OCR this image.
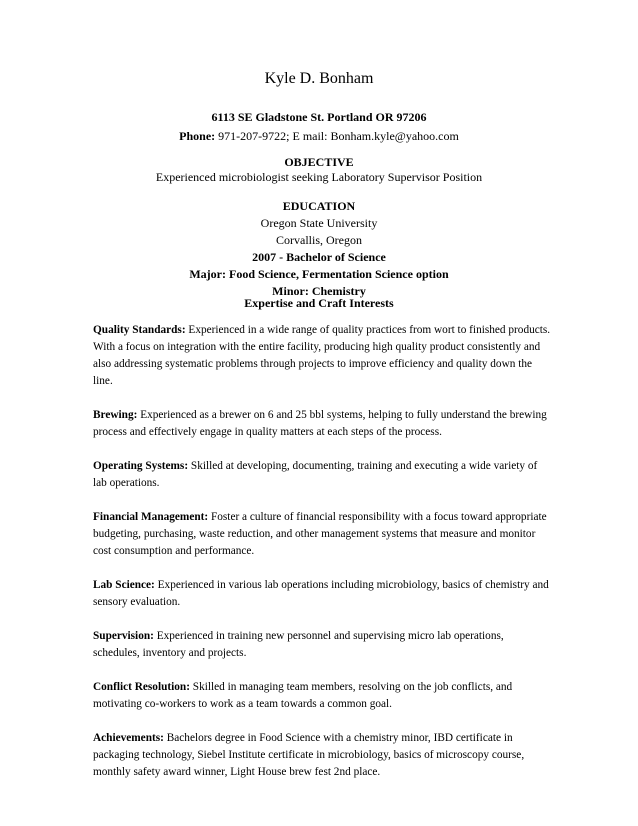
Kyle D. Bonham
6113 SE Gladstone St. Portland OR 97206
Phone: 971-207-9722; E mail: Bonham.kyle@yahoo.com
OBJECTIVE
Experienced microbiologist seeking Laboratory Supervisor Position
EDUCATION
Oregon State University
Corvallis, Oregon
2007 - Bachelor of Science
Major: Food Science, Fermentation Science option
Minor: Chemistry
Expertise and Craft Interests
Quality Standards: Experienced in a wide range of quality practices from wort to finished products. With a focus on integration with the entire facility, producing high quality product consistently and also addressing systematic problems through projects to improve efficiency and quality down the line.
Brewing: Experienced as a brewer on 6 and 25 bbl systems, helping to fully understand the brewing process and effectively engage in quality matters at each steps of the process.
Operating Systems: Skilled at developing, documenting, training and executing a wide variety of lab operations.
Financial Management: Foster a culture of financial responsibility with a focus toward appropriate budgeting, purchasing, waste reduction, and other management systems that measure and monitor cost consumption and performance.
Lab Science: Experienced in various lab operations including microbiology, basics of chemistry and sensory evaluation.
Supervision: Experienced in training new personnel and supervising micro lab operations, schedules, inventory and projects.
Conflict Resolution: Skilled in managing team members, resolving on the job conflicts, and motivating co-workers to work as a team towards a common goal.
Achievements: Bachelors degree in Food Science with a chemistry minor, IBD certificate in packaging technology, Siebel Institute certificate in microbiology, basics of microscopy course, monthly safety award winner, Light House brew fest 2nd place.
